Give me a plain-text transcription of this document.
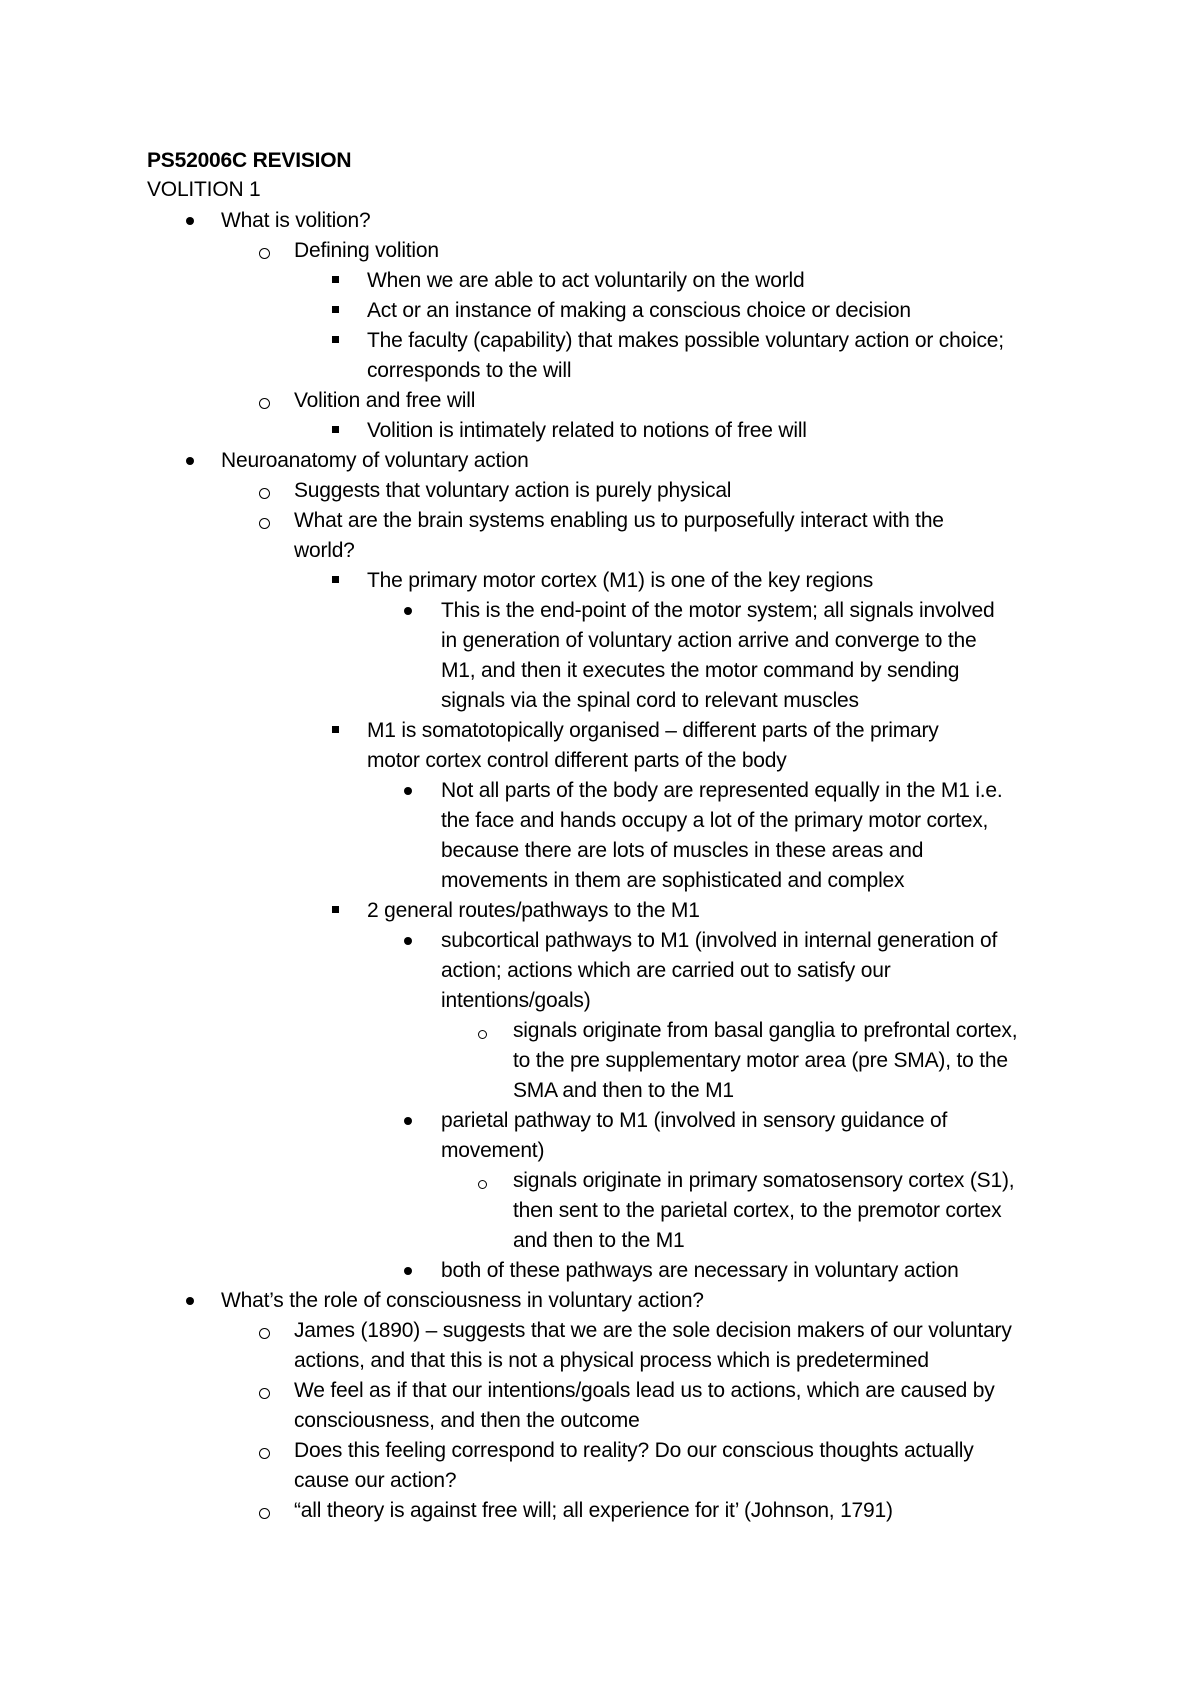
PS52006C REVISION
VOLITION 1
What is volition?
Defining volition
When we are able to act voluntarily on the world
Act or an instance of making a conscious choice or decision
The faculty (capability) that makes possible voluntary action or choice;
corresponds to the will
Volition and free will
Volition is intimately related to notions of free will
Neuroanatomy of voluntary action
Suggests that voluntary action is purely physical
What are the brain systems enabling us to purposefully interact with the
world?
The primary motor cortex (M1) is one of the key regions
This is the end-point of the motor system; all signals involved
in generation of voluntary action arrive and converge to the
M1, and then it executes the motor command by sending
signals via the spinal cord to relevant muscles
M1 is somatotopically organised – different parts of the primary
motor cortex control different parts of the body
Not all parts of the body are represented equally in the M1 i.e.
the face and hands occupy a lot of the primary motor cortex,
because there are lots of muscles in these areas and
movements in them are sophisticated and complex
2 general routes/pathways to the M1
subcortical pathways to M1 (involved in internal generation of
action; actions which are carried out to satisfy our
intentions/goals)
signals originate from basal ganglia to prefrontal cortex,
to the pre supplementary motor area (pre SMA), to the
SMA and then to the M1
parietal pathway to M1 (involved in sensory guidance of
movement)
signals originate in primary somatosensory cortex (S1),
then sent to the parietal cortex, to the premotor cortex
and then to the M1
both of these pathways are necessary in voluntary action
What’s the role of consciousness in voluntary action?
James (1890) – suggests that we are the sole decision makers of our voluntary
actions, and that this is not a physical process which is predetermined
We feel as if that our intentions/goals lead us to actions, which are caused by
consciousness, and then the outcome
Does this feeling correspond to reality? Do our conscious thoughts actually
cause our action?
“all theory is against free will; all experience for it’ (Johnson, 1791)
